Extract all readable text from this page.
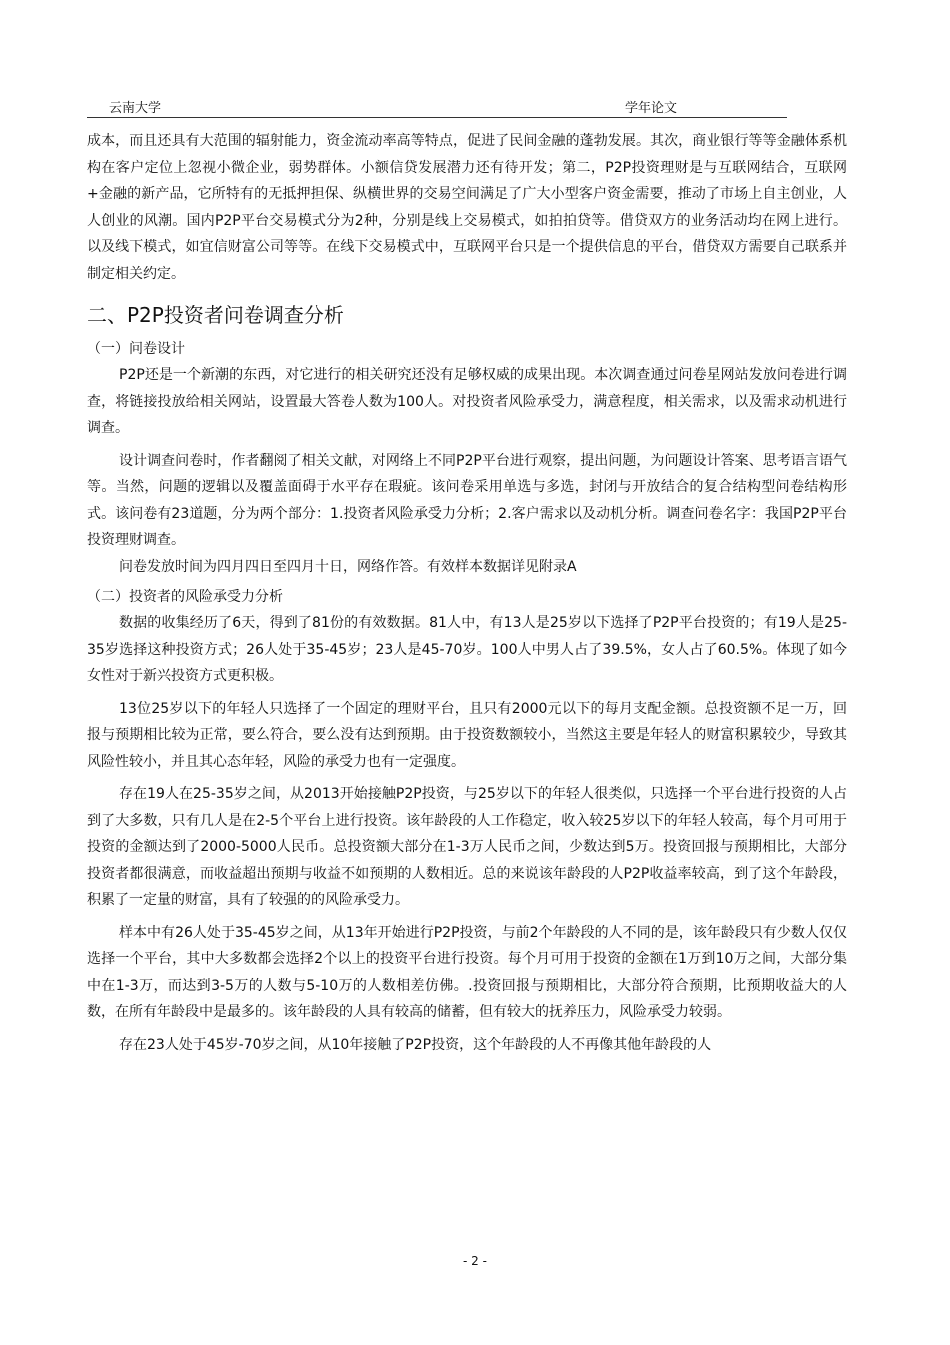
云南大学	学年论文
成本，而且还具有大范围的辐射能力，资金流动率高等特点，促进了民间金融的蓬勃发展。其次，商业银行等等金融体系机构在客户定位上忽视小微企业，弱势群体。小额信贷发展潜力还有待开发；第二，P2P投资理财是与互联网结合，互联网+金融的新产品，它所特有的无抵押担保、纵横世界的交易空间满足了广大小型客户资金需要，推动了市场上自主创业，人人创业的风潮。国内P2P平台交易模式分为2种，分别是线上交易模式，如拍拍贷等。借贷双方的业务活动均在网上进行。以及线下模式，如宜信财富公司等等。在线下交易模式中，互联网平台只是一个提供信息的平台，借贷双方需要自己联系并制定相关约定。
二、P2P投资者问卷调查分析
（一）问卷设计
P2P还是一个新潮的东西，对它进行的相关研究还没有足够权威的成果出现。本次调查通过问卷星网站发放问卷进行调查，将链接投放给相关网站，设置最大答卷人数为100人。对投资者风险承受力，满意程度，相关需求，以及需求动机进行调查。
设计调查问卷时，作者翻阅了相关文献，对网络上不同P2P平台进行观察，提出问题，为问题设计答案、思考语言语气等。当然，问题的逻辑以及覆盖面碍于水平存在瑕疵。该问卷采用单选与多选，封闭与开放结合的复合结构型问卷结构形式。该问卷有23道题，分为两个部分：1.投资者风险承受力分析；2.客户需求以及动机分析。调查问卷名字：我国P2P平台投资理财调查。
问卷发放时间为四月四日至四月十日，网络作答。有效样本数据详见附录A
（二）投资者的风险承受力分析
数据的收集经历了6天，得到了81份的有效数据。81人中，有13人是25岁以下选择了P2P平台投资的；有19人是25-35岁选择这种投资方式；26人处于35-45岁；23人是45-70岁。100人中男人占了39.5%，女人占了60.5%。体现了如今女性对于新兴投资方式更积极。
13位25岁以下的年轻人只选择了一个固定的理财平台，且只有2000元以下的每月支配金额。总投资额不足一万，回报与预期相比较为正常，要么符合，要么没有达到预期。由于投资数额较小，当然这主要是年轻人的财富积累较少，导致其风险性较小，并且其心态年轻，风险的承受力也有一定强度。
存在19人在25-35岁之间，从2013开始接触P2P投资，与25岁以下的年轻人很类似，只选择一个平台进行投资的人占到了大多数，只有几人是在2-5个平台上进行投资。该年龄段的人工作稳定，收入较25岁以下的年轻人较高，每个月可用于投资的金额达到了2000-5000人民币。总投资额大部分在1-3万人民币之间，少数达到5万。投资回报与预期相比，大部分投资者都很满意，而收益超出预期与收益不如预期的人数相近。总的来说该年龄段的人P2P收益率较高，到了这个年龄段，积累了一定量的财富，具有了较强的的风险承受力。
样本中有26人处于35-45岁之间，从13年开始进行P2P投资，与前2个年龄段的人不同的是，该年龄段只有少数人仅仅选择一个平台，其中大多数都会选择2个以上的投资平台进行投资。每个月可用于投资的金额在1万到10万之间，大部分集中在1-3万，而达到3-5万的人数与5-10万的人数相差仿佛。.投资回报与预期相比，大部分符合预期，比预期收益大的人数，在所有年龄段中是最多的。该年龄段的人具有较高的储蓄，但有较大的抚养压力，风险承受力较弱。
存在23人处于45岁-70岁之间，从10年接触了P2P投资，这个年龄段的人不再像其他年龄段的人
- 2 -
